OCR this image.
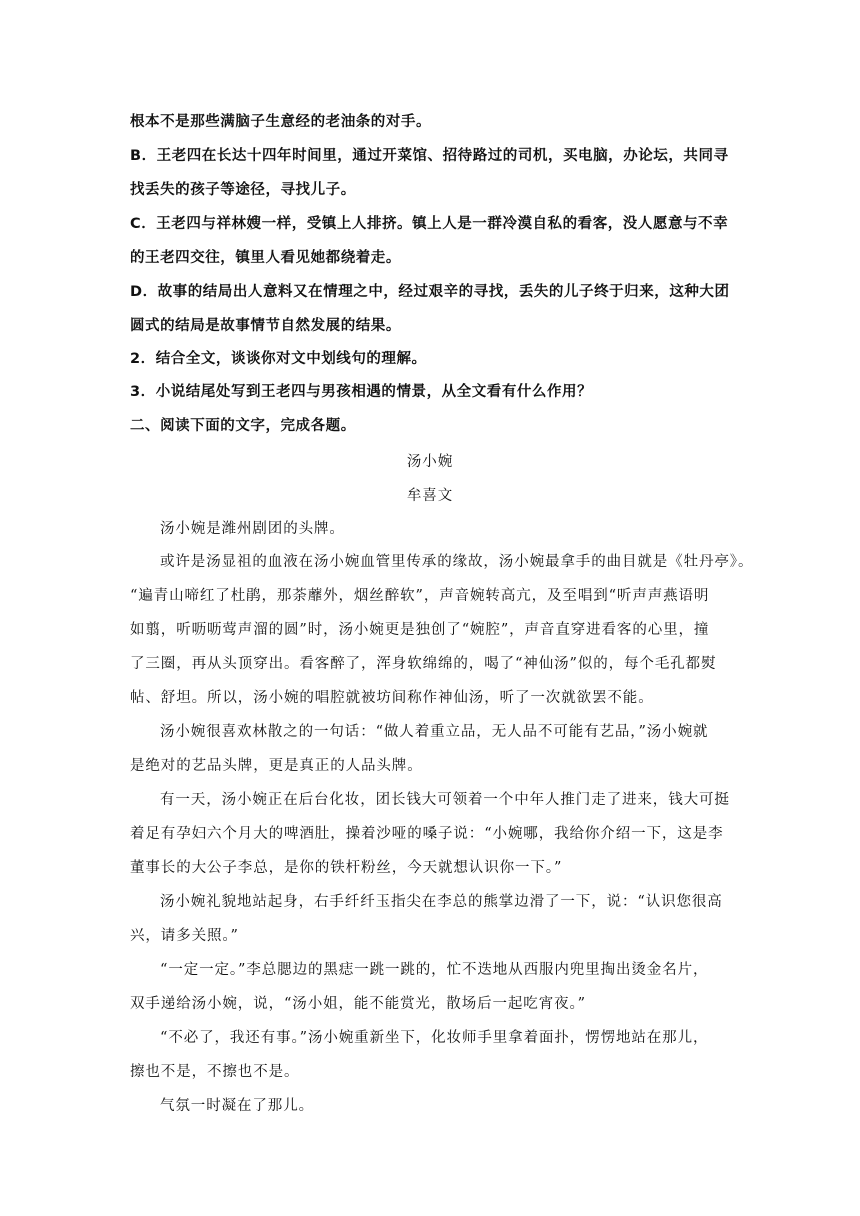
根本不是那些满脑子生意经的老油条的对手。
B．王老四在长达十四年时间里，通过开菜馆、招待路过的司机，买电脑，办论坛，共同寻
找丢失的孩子等途径，寻找儿子。
C．王老四与祥林嫂一样，受镇上人排挤。镇上人是一群冷漠自私的看客，没人愿意与不幸
的王老四交往，镇里人看见她都绕着走。
D．故事的结局出人意料又在情理之中，经过艰辛的寻找，丢失的儿子终于归来，这种大团
圆式的结局是故事情节自然发展的结果。
2．结合全文，谈谈你对文中划线句的理解。
3．小说结尾处写到王老四与男孩相遇的情景，从全文看有什么作用？
二、阅读下面的文字，完成各题。
汤小婉
牟喜文
汤小婉是潍州剧团的头牌。
或许是汤显祖的血液在汤小婉血管里传承的缘故，汤小婉最拿手的曲目就是《牡丹亭》。
“遍青山啼红了杜鹃，那荼蘼外，烟丝醉软”，声音婉转高亢，及至唱到“听声声燕语明
如翦，听呖呖莺声溜的圆”时，汤小婉更是独创了“婉腔”，声音直穿进看客的心里，撞
了三圈，再从头顶穿出。看客醉了，浑身软绵绵的，喝了“神仙汤”似的，每个毛孔都熨
帖、舒坦。所以，汤小婉的唱腔就被坊间称作神仙汤，听了一次就欲罢不能。
汤小婉很喜欢林散之的一句话：“做人着重立品，无人品不可能有艺品，”汤小婉就
是绝对的艺品头牌，更是真正的人品头牌。
有一天，汤小婉正在后台化妆，团长钱大可领着一个中年人推门走了进来，钱大可挺
着足有孕妇六个月大的啤酒肚，操着沙哑的嗓子说：“小婉哪，我给你介绍一下，这是李
董事长的大公子李总，是你的铁杆粉丝，今天就想认识你一下。”
汤小婉礼貌地站起身，右手纤纤玉指尖在李总的熊掌边滑了一下，说：“认识您很高
兴，请多关照。”
“一定一定。”李总腮边的黑痣一跳一跳的，忙不迭地从西服内兜里掏出烫金名片，
双手递给汤小婉，说，“汤小姐，能不能赏光，散场后一起吃宵夜。”
“不必了，我还有事。”汤小婉重新坐下，化妆师手里拿着面扑，愣愣地站在那儿，
擦也不是，不擦也不是。
气氛一时凝在了那儿。
